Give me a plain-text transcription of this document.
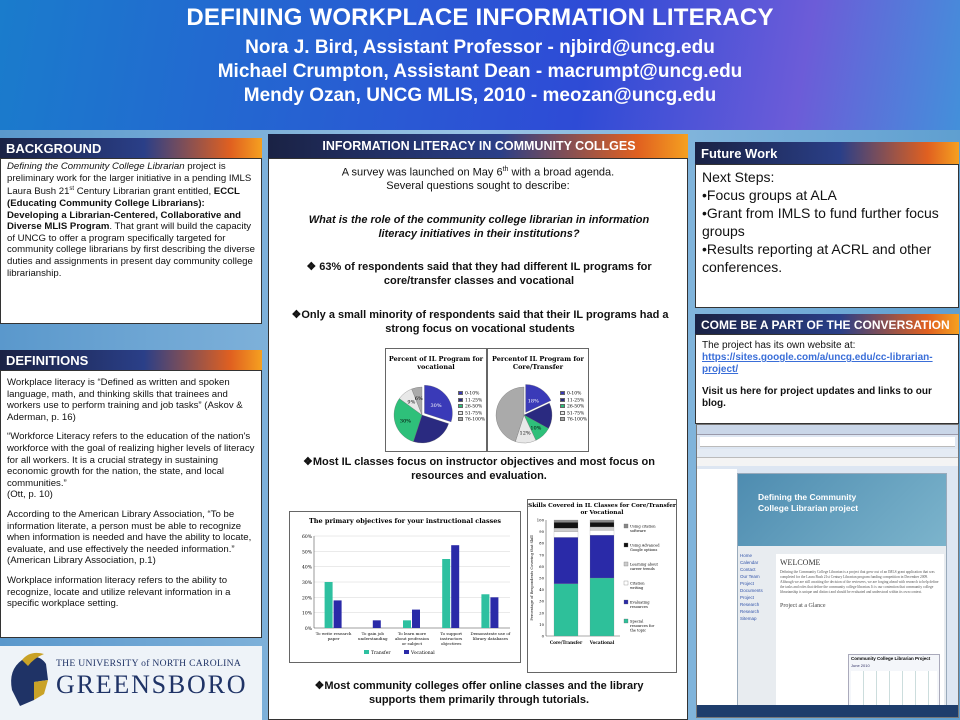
DEFINING WORKPLACE INFORMATION LITERACY
Nora J. Bird, Assistant Professor - njbird@uncg.edu
Michael Crumpton, Assistant Dean - macrumpt@uncg.edu
Mendy Ozan, UNCG MLIS, 2010 - meozan@uncg.edu
BACKGROUND
Defining the Community College Librarian project is preliminary work for the larger initiative in a pending IMLS Laura Bush 21st Century Librarian grant entitled, ECCL (Educating Community College Librarians): Developing a Librarian-Centered, Collaborative and Diverse MLIS Program. That grant will build the capacity of UNCG to offer a program specifically targeted for community college librarians by first describing the diverse duties and assignments in present day community college librarianship.
DEFINITIONS

Workplace literacy is “Defined as written and spoken language, math, and thinking skills that trainees and workers use to perform training and job tasks” (Askov & Aderman, p. 16)

“Workforce Literacy refers to the education of the nation's workforce with the goal of realizing higher levels of literacy for all workers. It is a crucial strategy in sustaining economic growth for the nation, the state, and local communities.”

(Ott, p. 10)

According to the American Library Association, “To be information literate, a person must be able to recognize when information is needed and have the ability to locate, evaluate, and use effectively the needed information.”

(American Library Association, p.1)

Workplace information literacy refers to the ability to recognize, locate and utilize relevant information in a specific workplace setting.

THE UNIVERSITY of NORTH CAROLINA
GREENSBORO
INFORMATION LITERACY IN COMMUNITY COLLGES
A survey was launched on May 6th with a broad agenda.
Several questions sought to describe:
What is the role of the community college librarian in information literacy initiatives in their institutions?
❖ 63% of respondents said that they had different IL programs for core/transfer classes and vocational
❖Only a small minority of respondents said that their IL programs had a strong focus on vocational students
Percent of IL Program for vocational
30%
30%
9%
6%
0-10%
11-25%
26-50%
51-75%
76-100%
Percentof IL Program for Core/Transfer
18%
10%
12%
0-10%
11-25%
26-50%
51-75%
76-100%
❖Most IL classes focus on instructor objectives and most focus on resources and evaluation.
The primary objectives for your instructional classes
0%
10%
20%
30%
40%
50%
60%
To write research
paper
To gain job
understanding
To learn more
about profession
or subject
To support
instructors
objectives
Demonstrate use of
library databases
Transfer	Vocational
Skills Covered in IL Classes for Core/Transfer or Vocational
0
10
20
30
40
50
60
70
80
90
100
Percentage of Respondents Covering that Skill
Core/Transfer Vocational
Using citation
software
Using Advanced
Google options
Learning about
career trends
Citation
writing
Evaluating
resources
Special
resources for
the topic
❖Most community colleges offer online classes and the library supports them primarily through tutorials.
Future Work
Next Steps:
•Focus groups at ALA
•Grant from IMLS to fund further focus groups
•Results reporting at ACRL and other conferences.
COME BE A PART OF THE CONVERSATION
The project has its own website at:
https://sites.google.com/a/uncg.edu/cc-librarian-project/
Visit us here for project updates and links to our blog.
Defining the Community
College Librarian project
Home
Calendar
Contact
Our Team
Project Documents
Project Research
Research
Sitemap
WELCOME
Defining the Community College Librarian is a project that grew out of an IMLS grant application that was completed for the Laura Bush 21st Century Librarian program funding competition in December 2009. Although we are still awaiting the decision of the reviewers, we are forging ahead with research to help define the tasks and roles that define the community college librarian. It is our contention that community college librarianship is unique and distinct and should be evaluated and understood within its own context.
Project at a Glance
Community College Librarian Project
June 2010
